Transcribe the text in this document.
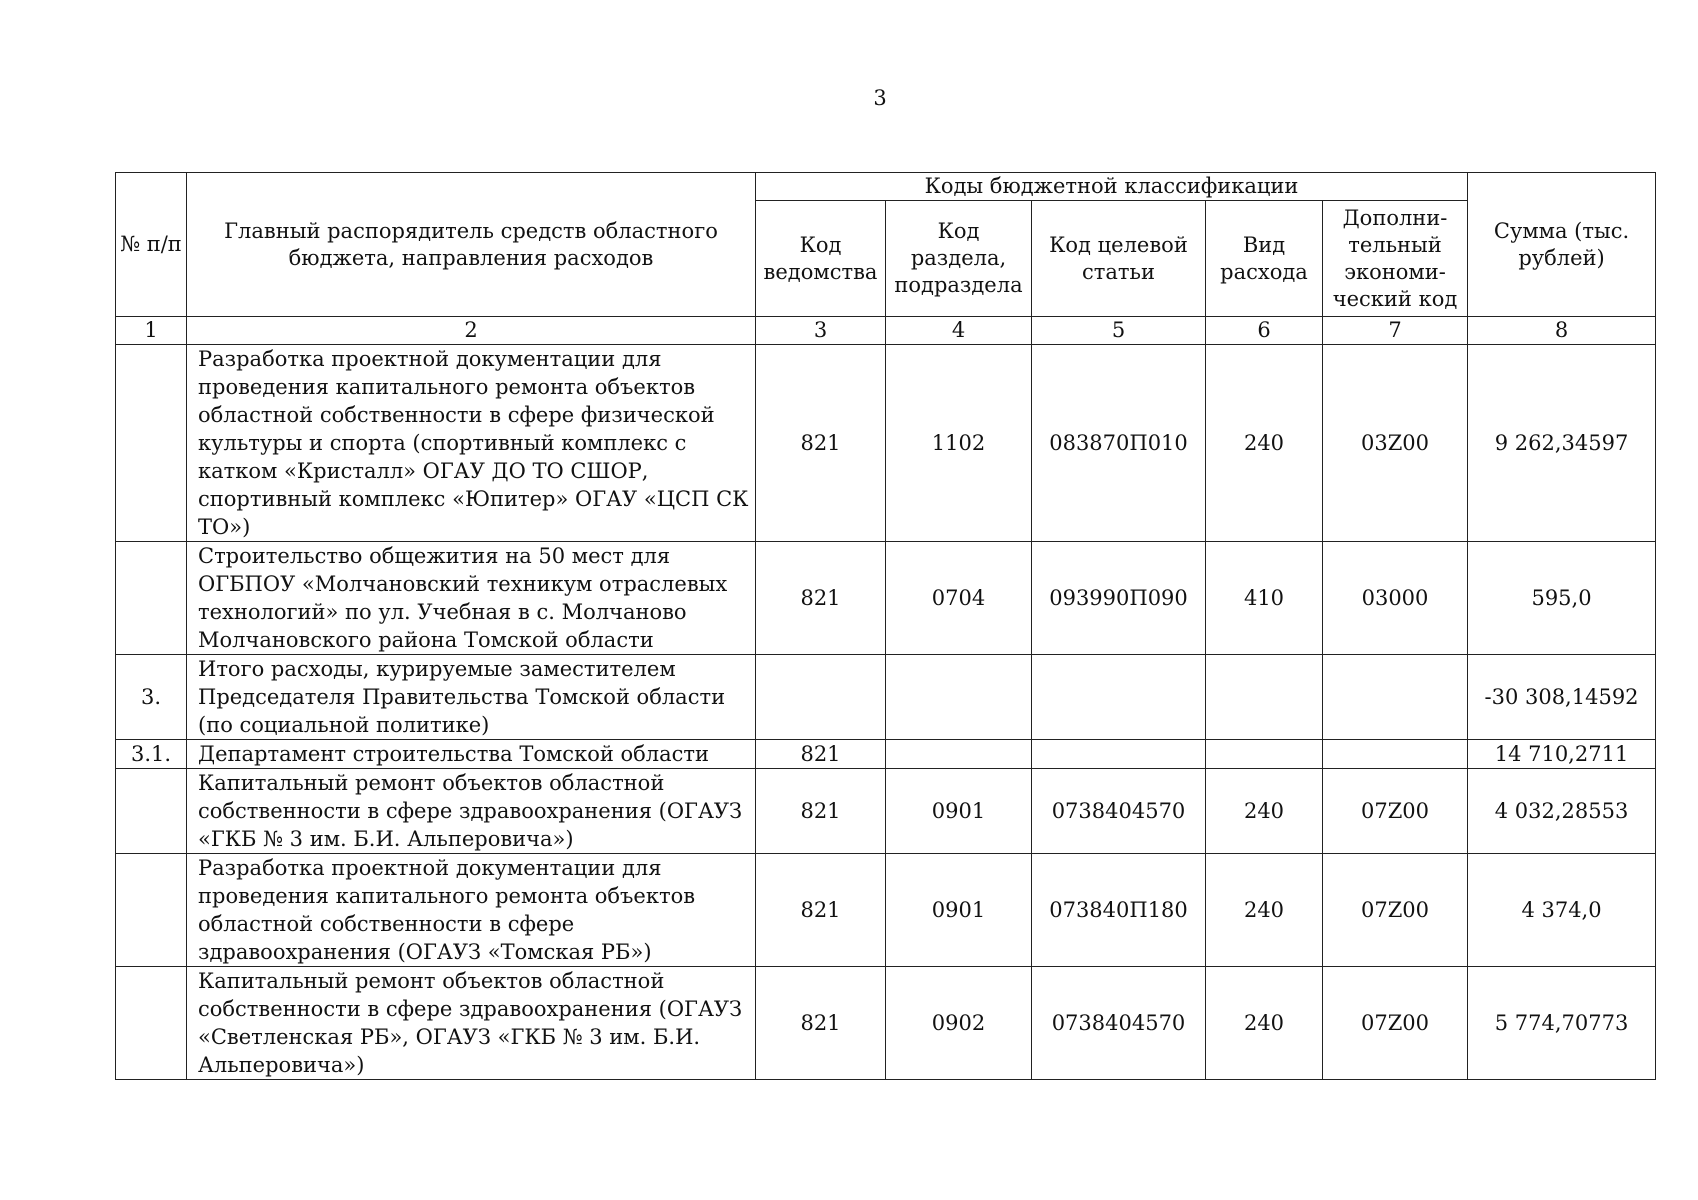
3
№ п/п	Главный распорядитель средств областного бюджета, направления расходов	Коды бюджетной классификации					Сумма (тыс. рублей)
		Код ведомства	Код раздела, подраздела	Код целевой статьи	Вид расхода	Дополни-тельный экономи-ческий код	
1	2	3	4	5	6	7	8
	Разработка проектной документации для проведения капитального ремонта объектов областной собственности в сфере физической культуры и спорта (спортивный комплекс с катком «Кристалл» ОГАУ ДО ТО СШОР, спортивный комплекс «Юпитер» ОГАУ «ЦСП СК ТО»)	821	1102	083870П010	240	03Z00	9 262,34597
	Строительство общежития на 50 мест для ОГБПОУ «Молчановский техникум отраслевых технологий» по ул. Учебная в с. Молчаново Молчановского района Томской области	821	0704	093990П090	410	03000	595,0
3.	Итого расходы, курируемые заместителем Председателя Правительства Томской области (по социальной политике)						-30 308,14592
3.1.	Департамент строительства Томской области	821					14 710,2711
	Капитальный ремонт объектов областной собственности в сфере здравоохранения (ОГАУЗ «ГКБ № 3 им. Б.И. Альперовича»)	821	0901	0738404570	240	07Z00	4 032,28553
	Разработка проектной документации для проведения капитального ремонта объектов областной собственности в сфере здравоохранения (ОГАУЗ «Томская РБ»)	821	0901	073840П180	240	07Z00	4 374,0
	Капитальный ремонт объектов областной собственности в сфере здравоохранения (ОГАУЗ «Светленская РБ», ОГАУЗ «ГКБ № 3 им. Б.И. Альперовича»)	821	0902	0738404570	240	07Z00	5 774,70773
